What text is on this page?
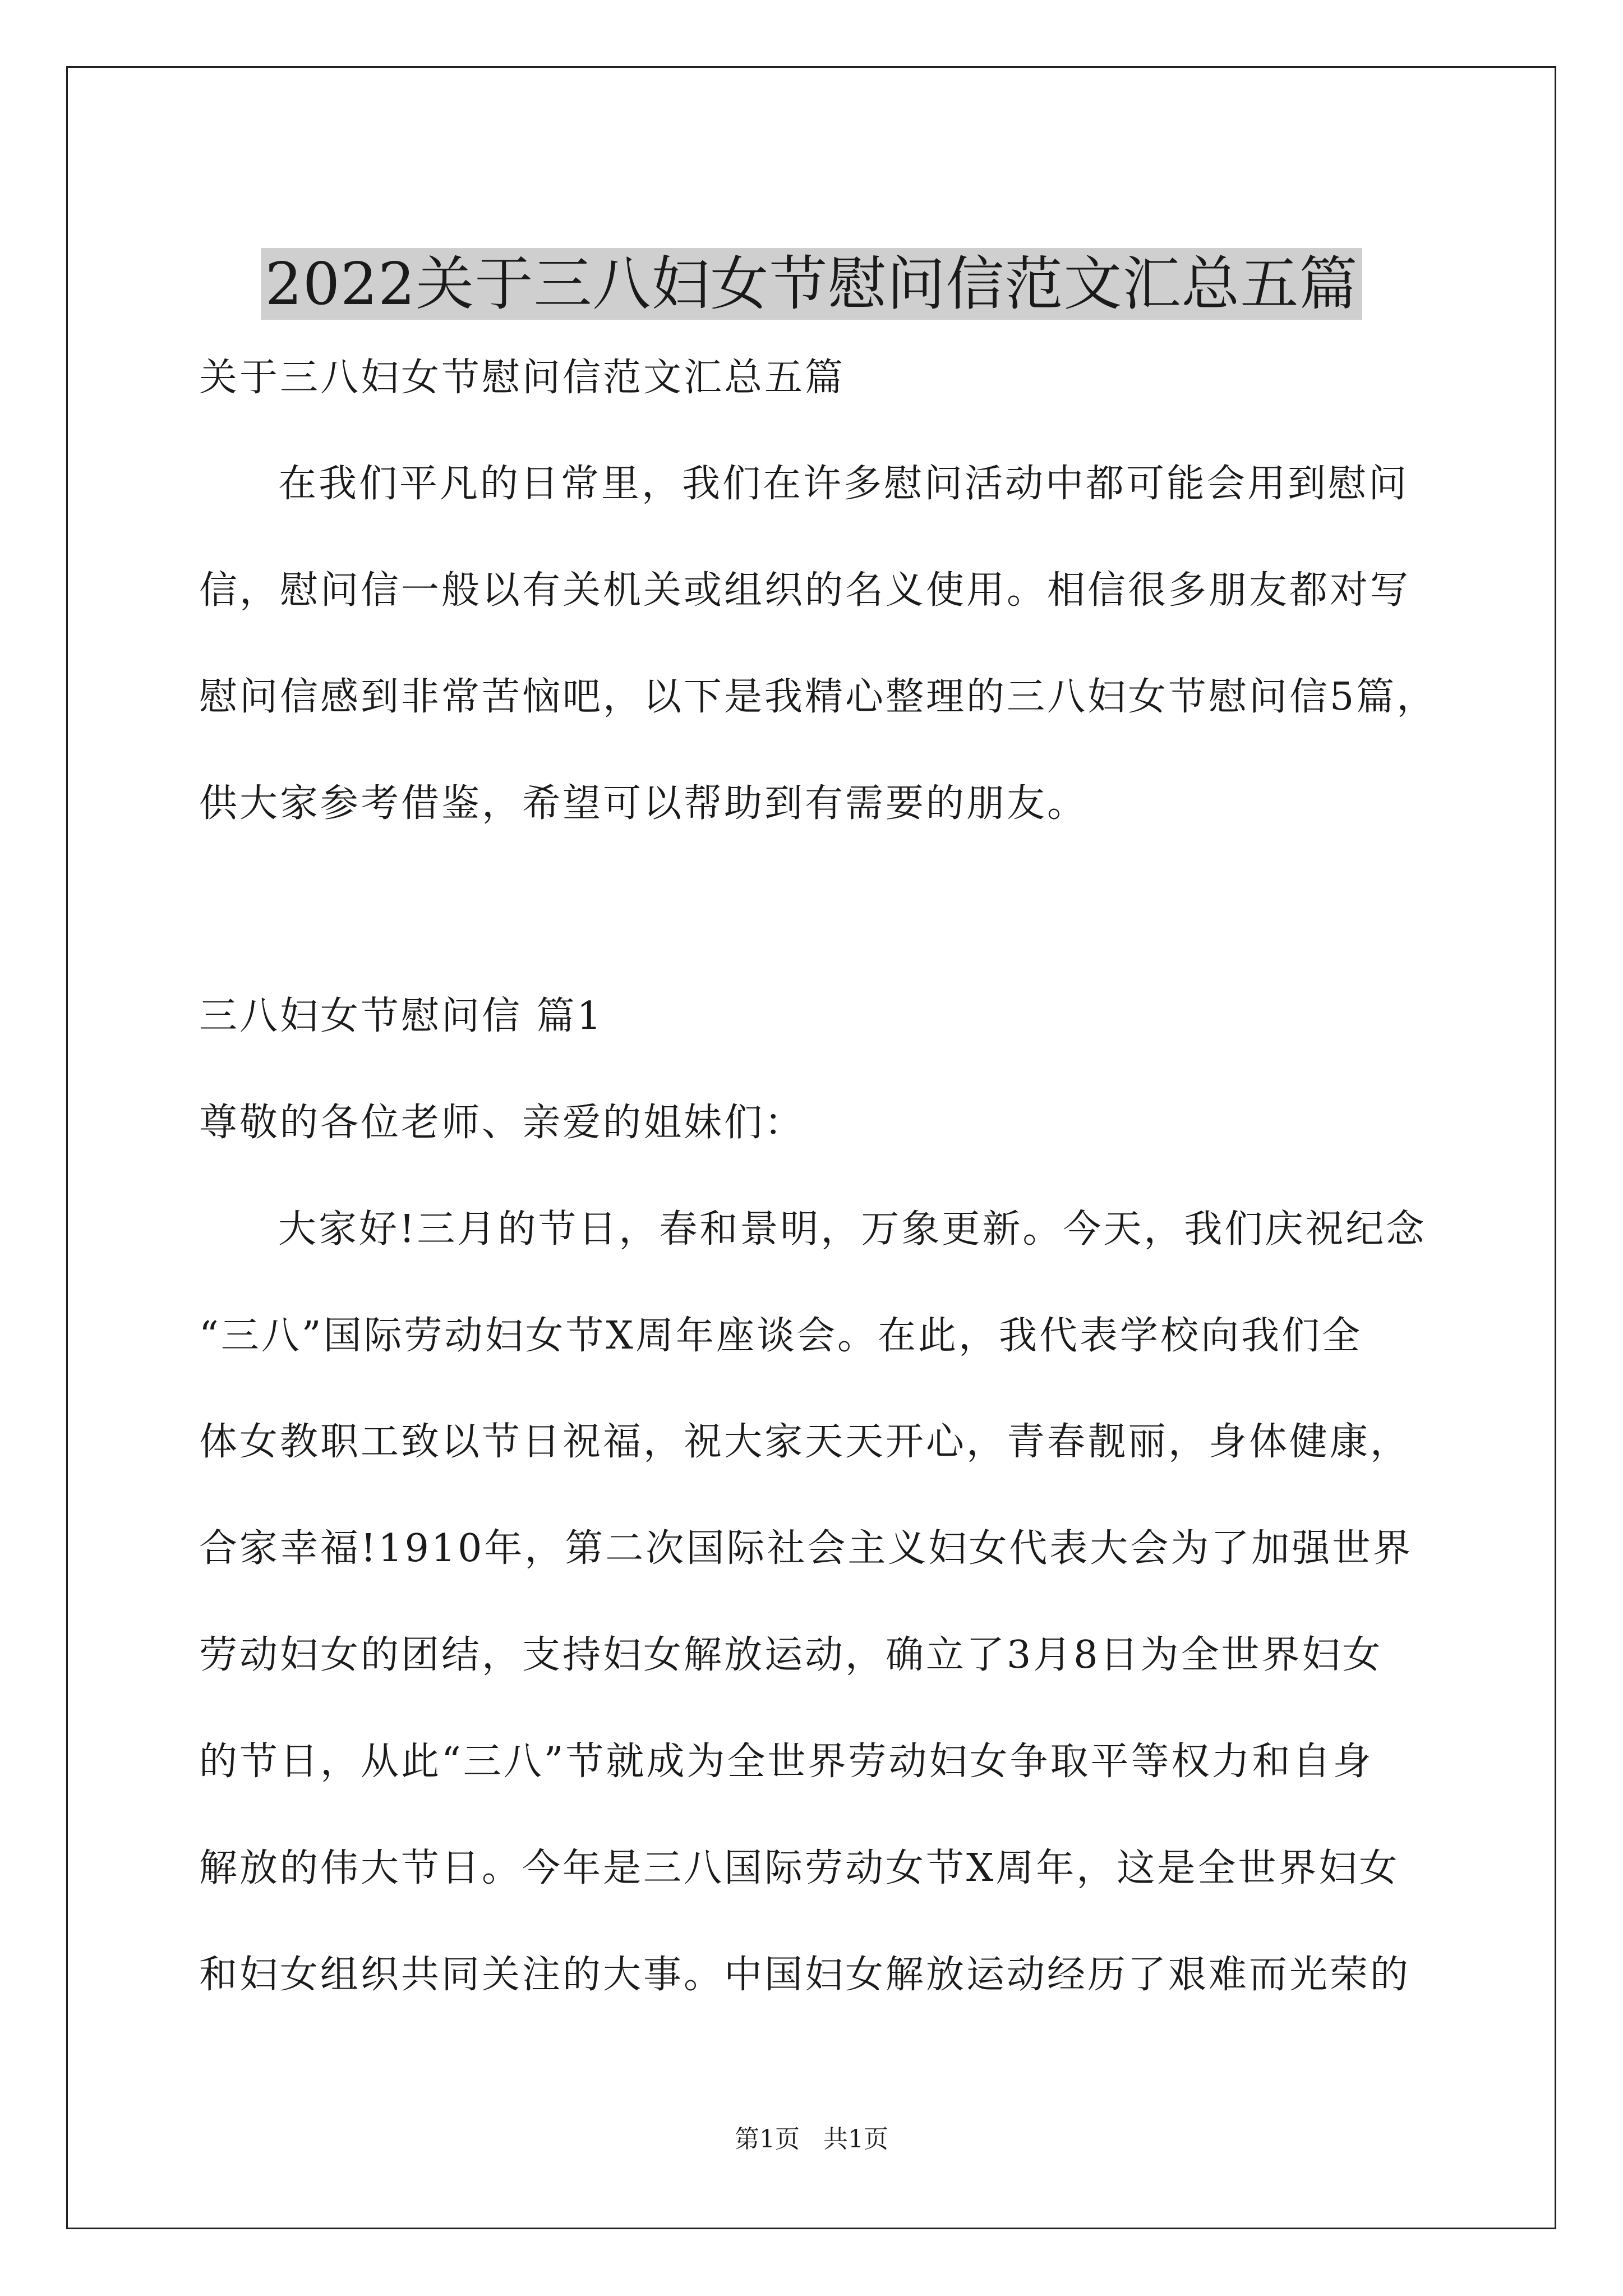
2022关于三八妇女节慰问信范文汇总五篇
关于三八妇女节慰问信范文汇总五篇
在我们平凡的日常里，我们在许多慰问活动中都可能会用到慰问
信，慰问信一般以有关机关或组织的名义使用。相信很多朋友都对写
慰问信感到非常苦恼吧，以下是我精心整理的三八妇女节慰问信5篇，
供大家参考借鉴，希望可以帮助到有需要的朋友。
三八妇女节慰问信 篇1
尊敬的各位老师、亲爱的姐妹们：
大家好!三月的节日，春和景明，万象更新。今天，我们庆祝纪念
“三八”国际劳动妇女节X周年座谈会。在此，我代表学校向我们全
体女教职工致以节日祝福，祝大家天天开心，青春靓丽，身体健康，
合家幸福!1910年，第二次国际社会主义妇女代表大会为了加强世界
劳动妇女的团结，支持妇女解放运动，确立了3月8日为全世界妇女
的节日，从此“三八”节就成为全世界劳动妇女争取平等权力和自身
解放的伟大节日。今年是三八国际劳动女节X周年，这是全世界妇女
和妇女组织共同关注的大事。中国妇女解放运动经历了艰难而光荣的
第1页   共1页
